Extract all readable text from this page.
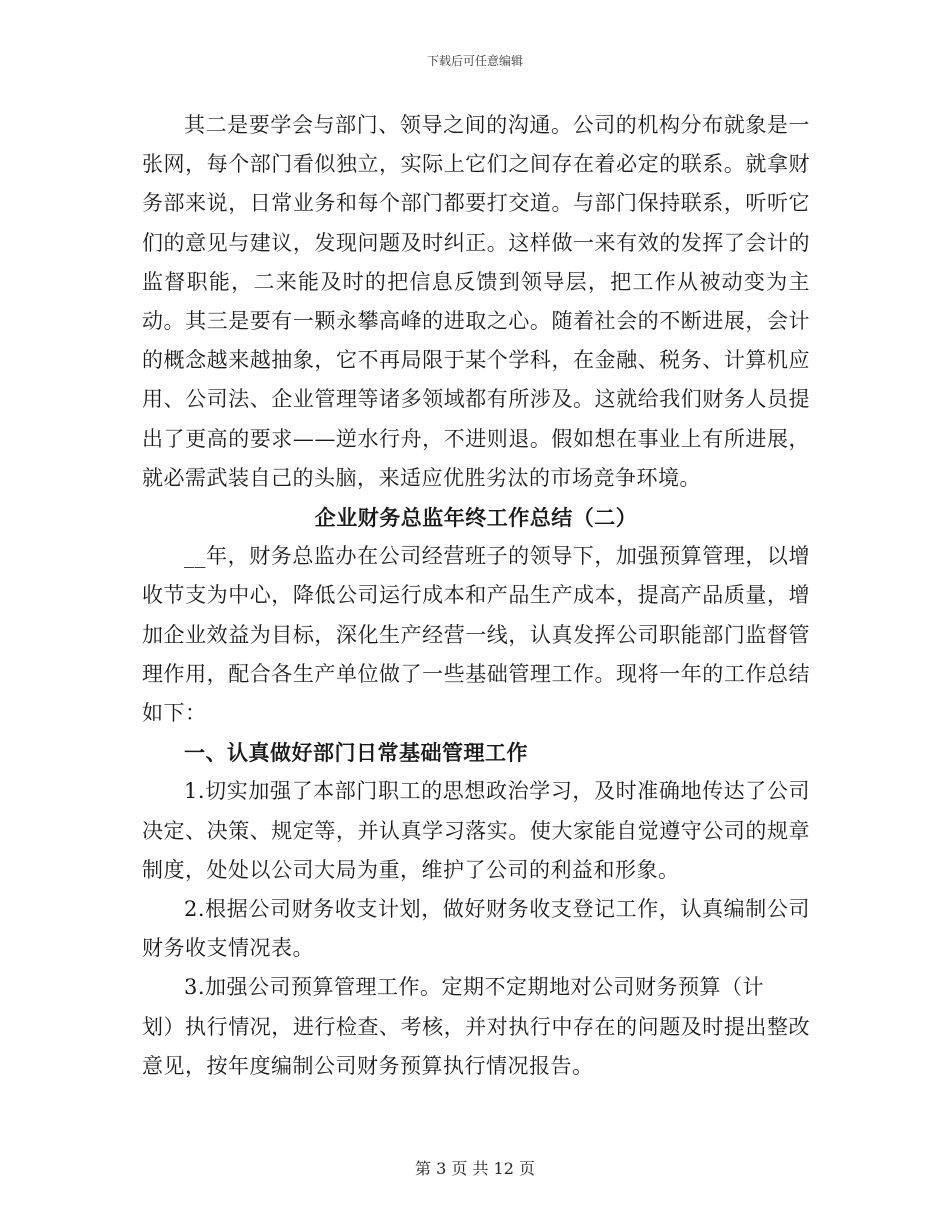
下载后可任意编辑

其二是要学会与部门、领导之间的沟通。公司的机构分布就象是一张网，每个部门看似独立，实际上它们之间存在着必定的联系。就拿财务部来说，日常业务和每个部门都要打交道。与部门保持联系，听听它们的意见与建议，发现问题及时纠正。这样做一来有效的发挥了会计的监督职能，二来能及时的把信息反馈到领导层，把工作从被动变为主动。其三是要有一颗永攀高峰的进取之心。随着社会的不断进展，会计的概念越来越抽象，它不再局限于某个学科，在金融、税务、计算机应用、公司法、企业管理等诸多领域都有所涉及。这就给我们财务人员提出了更高的要求——逆水行舟，不进则退。假如想在事业上有所进展，就必需武装自己的头脑，来适应优胜劣汰的市场竞争环境。

企业财务总监年终工作总结（二）

__年，财务总监办在公司经营班子的领导下，加强预算管理，以增收节支为中心，降低公司运行成本和产品生产成本，提高产品质量，增加企业效益为目标，深化生产经营一线，认真发挥公司职能部门监督管理作用，配合各生产单位做了一些基础管理工作。现将一年的工作总结如下：

一、认真做好部门日常基础管理工作

1.切实加强了本部门职工的思想政治学习，及时准确地传达了公司决定、决策、规定等，并认真学习落实。使大家能自觉遵守公司的规章制度，处处以公司大局为重，维护了公司的利益和形象。

2.根据公司财务收支计划，做好财务收支登记工作，认真编制公司财务收支情况表。

3.加强公司预算管理工作。定期不定期地对公司财务预算（计

划）执行情况，进行检查、考核，并对执行中存在的问题及时提出整改意见，按年度编制公司财务预算执行情况报告。

第 3 页 共 12 页
